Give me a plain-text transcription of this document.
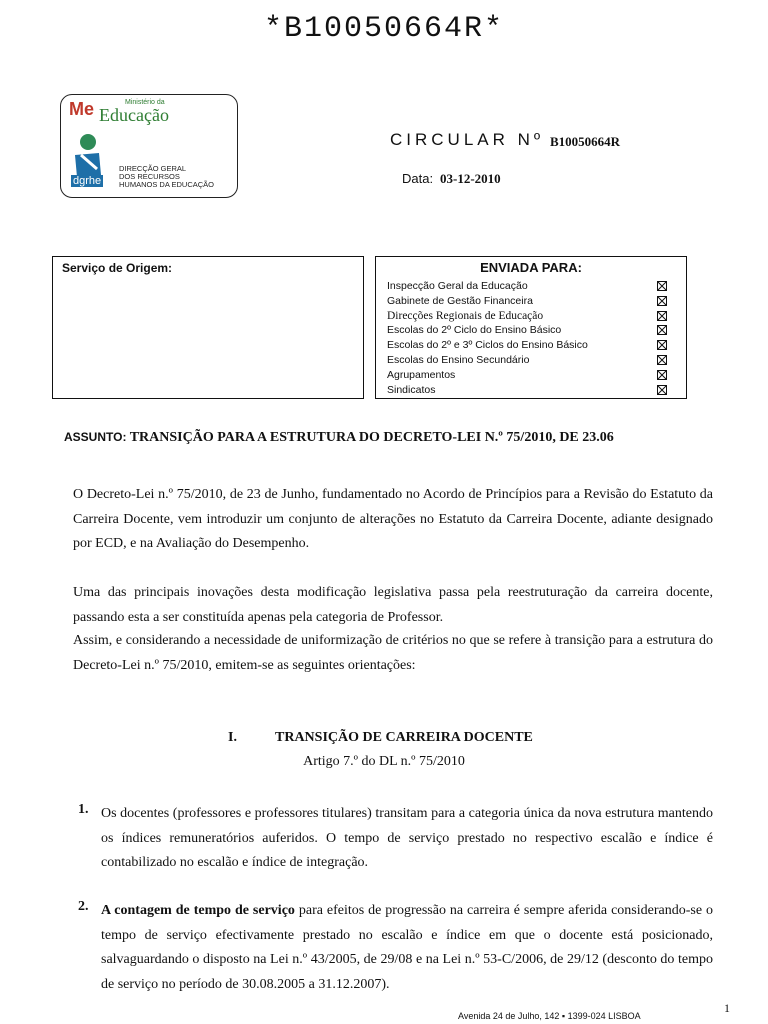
*B10050664R*
Me	Ministério da
Educação
dgrhe
DIRECÇÃO GERAL
DOS RECURSOS
HUMANOS DA EDUCAÇÃO
CIRCULAR Nº B10050664R
Data: 03-12-2010
Serviço de Origem:	ENVIADA PARA:
Inspecção Geral da Educação
Gabinete de Gestão Financeira
Direcções Regionais de Educação
Escolas do 2º Ciclo do Ensino Básico
Escolas do 2º e 3º Ciclos do Ensino Básico
Escolas do Ensino Secundário
Agrupamentos
Sindicatos
ASSUNTO: TRANSIÇÃO PARA A ESTRUTURA DO DECRETO-LEI N.º 75/2010, DE 23.06

O Decreto-Lei n.º 75/2010, de 23 de Junho, fundamentado no Acordo de Princípios para a Revisão do Estatuto da Carreira Docente, vem introduzir um conjunto de alterações no Estatuto da Carreira Docente, adiante designado por ECD, e na Avaliação do Desempenho.

Uma das principais inovações desta modificação legislativa passa pela reestruturação da carreira docente, passando esta a ser constituída apenas pela categoria de Professor.

Assim, e considerando a necessidade de uniformização de critérios no que se refere à transição para a estrutura do Decreto-Lei n.º 75/2010, emitem-se as seguintes orientações:

I.	TRANSIÇÃO DE CARREIRA DOCENTE
Artigo 7.º do DL n.º 75/2010
1. Os docentes (professores e professores titulares) transitam para a categoria única da nova estrutura mantendo os índices remuneratórios auferidos. O tempo de serviço prestado no respectivo escalão e índice é contabilizado no escalão e índice de integração.

2. A contagem de tempo de serviço para efeitos de progressão na carreira é sempre aferida considerando-se o tempo de serviço efectivamente prestado no escalão e índice em que o docente está posicionado, salvaguardando o disposto na Lei n.º 43/2005, de 29/08 e na Lei n.º 53-C/2006, de 29/12 (desconto do tempo de serviço no período de 30.08.2005 a 31.12.2007).

Avenida 24 de Julho, 142 ▪ 1399-024 LISBOA
1
